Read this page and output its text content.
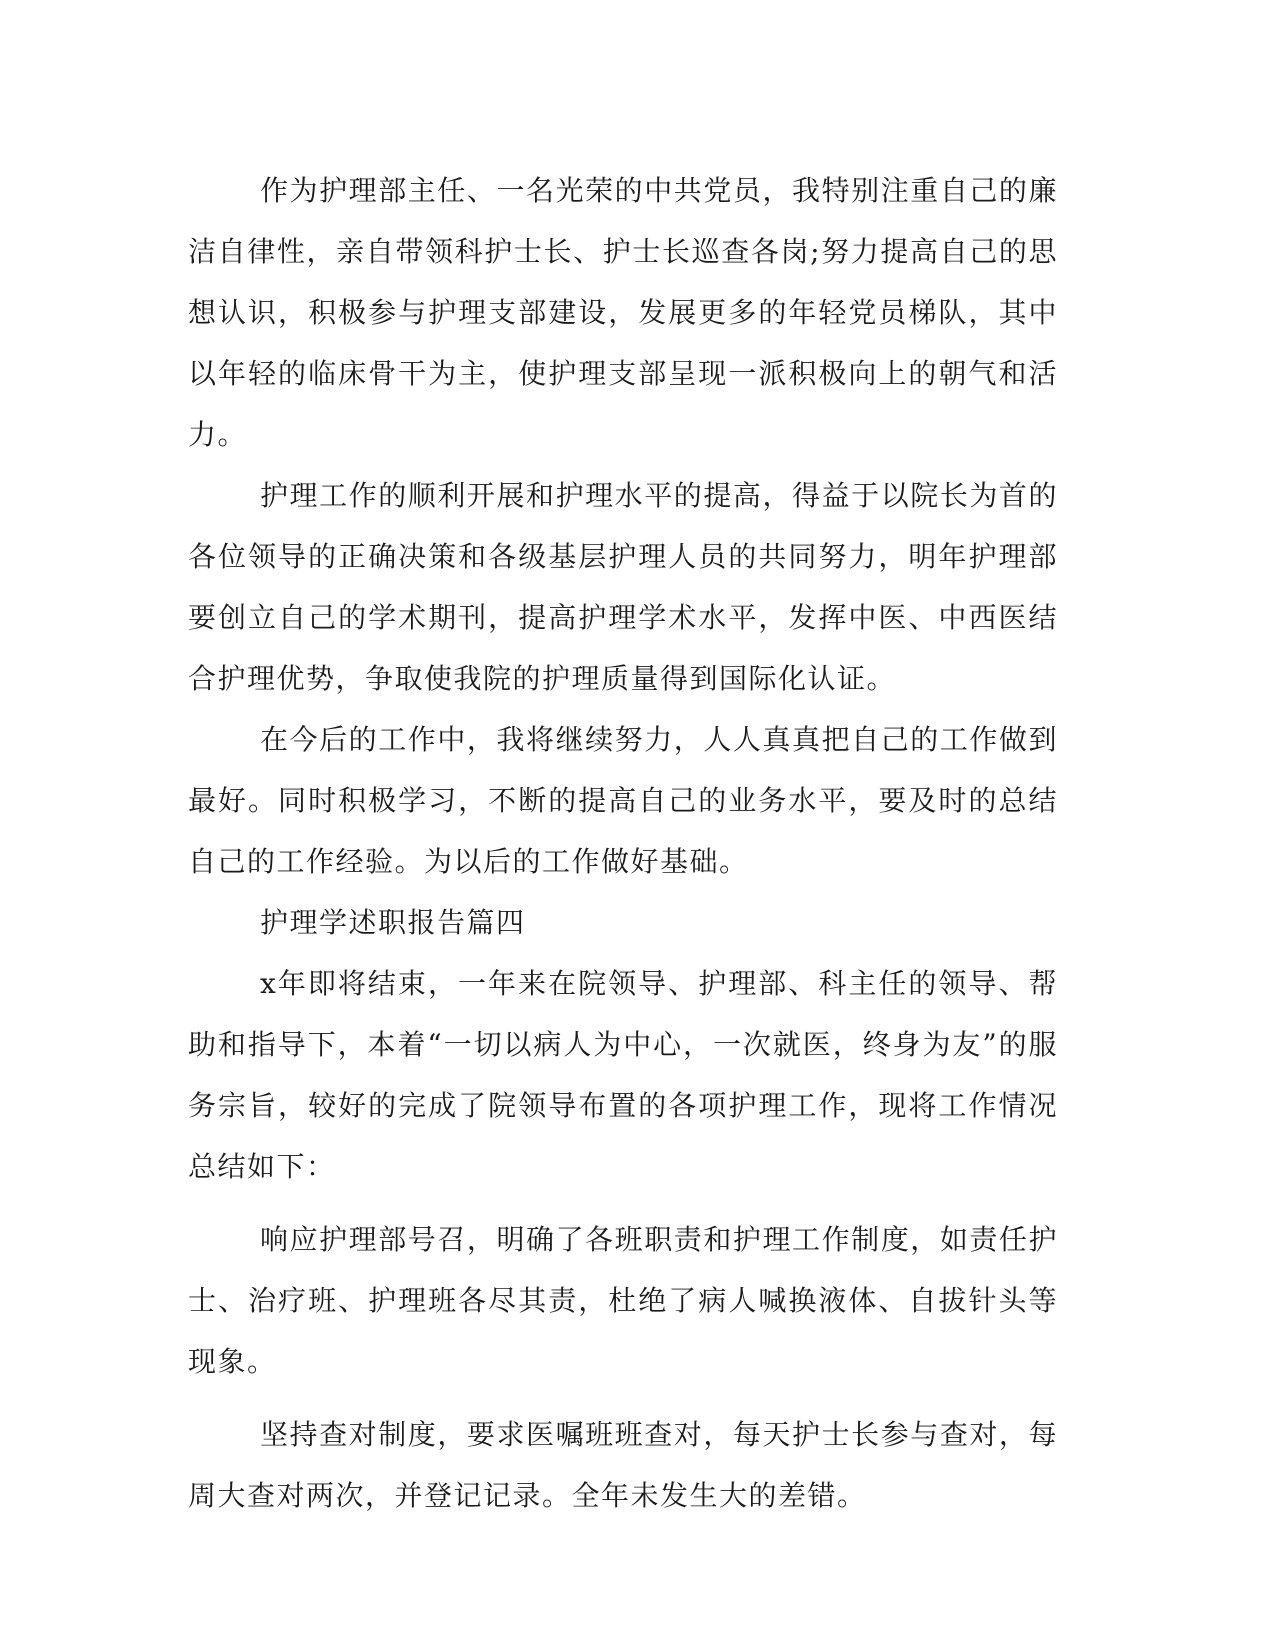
作为护理部主任、一名光荣的中共党员，我特别注重自己的廉洁自律性，亲自带领科护士长、护士长巡查各岗;努力提高自己的思想认识，积极参与护理支部建设，发展更多的年轻党员梯队，其中以年轻的临床骨干为主，使护理支部呈现一派积极向上的朝气和活力。

护理工作的顺利开展和护理水平的提高，得益于以院长为首的各位领导的正确决策和各级基层护理人员的共同努力，明年护理部要创立自己的学术期刊，提高护理学术水平，发挥中医、中西医结合护理优势，争取使我院的护理质量得到国际化认证。

在今后的工作中，我将继续努力，人人真真把自己的工作做到最好。同时积极学习，不断的提高自己的业务水平，要及时的总结自己的工作经验。为以后的工作做好基础。

护理学述职报告篇四

x年即将结束，一年来在院领导、护理部、科主任的领导、帮助和指导下，本着“一切以病人为中心，一次就医，终身为友”的服务宗旨，较好的完成了院领导布置的各项护理工作，现将工作情况总结如下：

响应护理部号召，明确了各班职责和护理工作制度，如责任护士、治疗班、护理班各尽其责，杜绝了病人喊换液体、自拔针头等现象。

坚持查对制度，要求医嘱班班查对，每天护士长参与查对，每周大查对两次，并登记记录。全年未发生大的差错。
